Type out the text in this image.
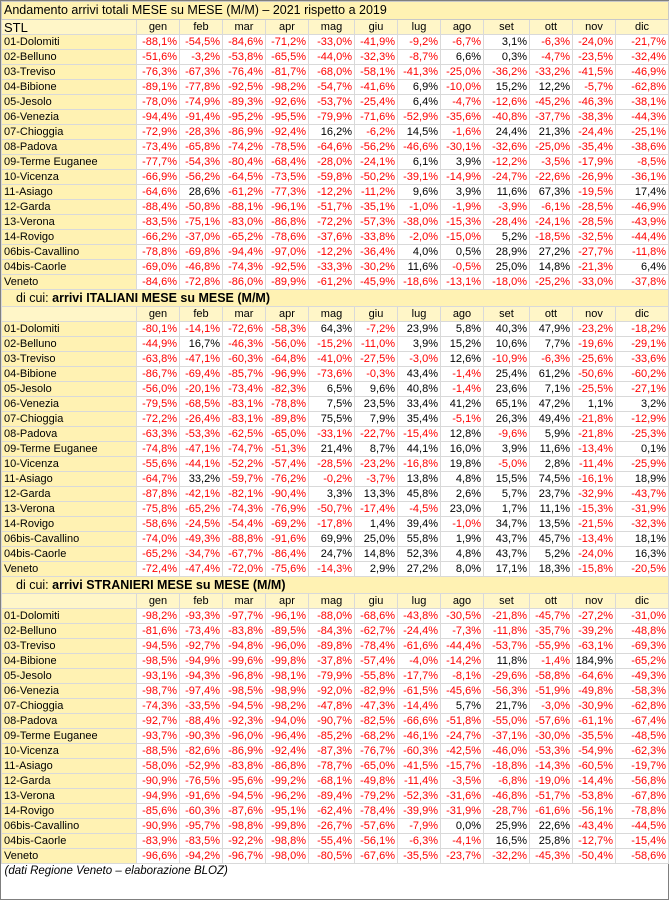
Andamento arrivi totali MESE su MESE (M/M) – 2021 rispetto a 2019												
STL	gen	feb	mar	apr	mag	giu	lug	ago	set	ott	nov	dic
01-Dolomiti	-88,1%	-54,5%	-84,6%	-71,2%	-33,0%	-41,9%	-9,2%	-6,7%	3,1%	-6,3%	-24,0%	-21,7%
02-Belluno	-51,6%	-3,2%	-53,8%	-65,5%	-44,0%	-32,3%	-8,7%	6,6%	0,3%	-4,7%	-23,5%	-32,4%
03-Treviso	-76,3%	-67,3%	-76,4%	-81,7%	-68,0%	-58,1%	-41,3%	-25,0%	-36,2%	-33,2%	-41,5%	-46,9%
04-Bibione	-89,1%	-77,8%	-92,5%	-98,2%	-54,7%	-41,6%	6,9%	-10,0%	15,2%	12,2%	-5,7%	-62,8%
05-Jesolo	-78,0%	-74,9%	-89,3%	-92,6%	-53,7%	-25,4%	6,4%	-4,7%	-12,6%	-45,2%	-46,3%	-38,1%
06-Venezia	-94,4%	-91,4%	-95,2%	-95,5%	-79,9%	-71,6%	-52,9%	-35,6%	-40,8%	-37,7%	-38,3%	-44,3%
07-Chioggia	-72,9%	-28,3%	-86,9%	-92,4%	16,2%	-6,2%	14,5%	-1,6%	24,4%	21,3%	-24,4%	-25,1%
08-Padova	-73,4%	-65,8%	-74,2%	-78,5%	-64,6%	-56,2%	-46,6%	-30,1%	-32,6%	-25,0%	-35,4%	-38,6%
09-Terme Euganee	-77,7%	-54,3%	-80,4%	-68,4%	-28,0%	-24,1%	6,1%	3,9%	-12,2%	-3,5%	-17,9%	-8,5%
10-Vicenza	-66,9%	-56,2%	-64,5%	-73,5%	-59,8%	-50,2%	-39,1%	-14,9%	-24,7%	-22,6%	-26,9%	-36,1%
11-Asiago	-64,6%	28,6%	-61,2%	-77,3%	-12,2%	-11,2%	9,6%	3,9%	11,6%	67,3%	-19,5%	17,4%
12-Garda	-88,4%	-50,8%	-88,1%	-96,1%	-51,7%	-35,1%	-1,0%	-1,9%	-3,9%	-6,1%	-28,5%	-46,9%
13-Verona	-83,5%	-75,1%	-83,0%	-86,8%	-72,2%	-57,3%	-38,0%	-15,3%	-28,4%	-24,1%	-28,5%	-43,9%
14-Rovigo	-66,2%	-37,0%	-65,2%	-78,6%	-37,6%	-33,8%	-2,0%	-15,0%	5,2%	-18,5%	-32,5%	-44,4%
06bis-Cavallino	-78,8%	-69,8%	-94,4%	-97,0%	-12,2%	-36,4%	4,0%	0,5%	28,9%	27,2%	-27,7%	-11,8%
04bis-Caorle	-69,0%	-46,8%	-74,3%	-92,5%	-33,3%	-30,2%	11,6%	-0,5%	25,0%	14,8%	-21,3%	6,4%
Veneto	-84,6%	-72,8%	-86,0%	-89,9%	-61,2%	-45,9%	-18,6%	-13,1%	-18,0%	-25,2%	-33,0%	-37,8%
di cui: arrivi ITALIANI MESE su MESE (M/M)												
	gen	feb	mar	apr	mag	giu	lug	ago	set	ott	nov	dic
01-Dolomiti	-80,1%	-14,1%	-72,6%	-58,3%	64,3%	-7,2%	23,9%	5,8%	40,3%	47,9%	-23,2%	-18,2%
02-Belluno	-44,9%	16,7%	-46,3%	-56,0%	-15,2%	-11,0%	3,9%	15,2%	10,6%	7,7%	-19,6%	-29,1%
03-Treviso	-63,8%	-47,1%	-60,3%	-64,8%	-41,0%	-27,5%	-3,0%	12,6%	-10,9%	-6,3%	-25,6%	-33,6%
04-Bibione	-86,7%	-69,4%	-85,7%	-96,9%	-73,6%	-0,3%	43,4%	-1,4%	25,4%	61,2%	-50,6%	-60,2%
05-Jesolo	-56,0%	-20,1%	-73,4%	-82,3%	6,5%	9,6%	40,8%	-1,4%	23,6%	7,1%	-25,5%	-27,1%
06-Venezia	-79,5%	-68,5%	-83,1%	-78,8%	7,5%	23,5%	33,4%	41,2%	65,1%	47,2%	1,1%	3,2%
07-Chioggia	-72,2%	-26,4%	-83,1%	-89,8%	75,5%	7,9%	35,4%	-5,1%	26,3%	49,4%	-21,8%	-12,9%
08-Padova	-63,3%	-53,3%	-62,5%	-65,0%	-33,1%	-22,7%	-15,4%	12,8%	-9,6%	5,9%	-21,8%	-25,3%
09-Terme Euganee	-74,8%	-47,1%	-74,7%	-51,3%	21,4%	8,7%	44,1%	16,0%	3,9%	11,6%	-13,4%	0,1%
10-Vicenza	-55,6%	-44,1%	-52,2%	-57,4%	-28,5%	-23,2%	-16,8%	19,8%	-5,0%	2,8%	-11,4%	-25,9%
11-Asiago	-64,7%	33,2%	-59,7%	-76,2%	-0,2%	-3,7%	13,8%	4,8%	15,5%	74,5%	-16,1%	18,9%
12-Garda	-87,8%	-42,1%	-82,1%	-90,4%	3,3%	13,3%	45,8%	2,6%	5,7%	23,7%	-32,9%	-43,7%
13-Verona	-75,8%	-65,2%	-74,3%	-76,9%	-50,7%	-17,4%	-4,5%	23,0%	1,7%	11,1%	-15,3%	-31,9%
14-Rovigo	-58,6%	-24,5%	-54,4%	-69,2%	-17,8%	1,4%	39,4%	-1,0%	34,7%	13,5%	-21,5%	-32,3%
06bis-Cavallino	-74,0%	-49,3%	-88,8%	-91,6%	69,9%	25,0%	55,8%	1,9%	43,7%	45,7%	-13,4%	18,1%
04bis-Caorle	-65,2%	-34,7%	-67,7%	-86,4%	24,7%	14,8%	52,3%	4,8%	43,7%	5,2%	-24,0%	16,3%
Veneto	-72,4%	-47,4%	-72,0%	-75,6%	-14,3%	2,9%	27,2%	8,0%	17,1%	18,3%	-15,8%	-20,5%
di cui: arrivi STRANIERI MESE su MESE (M/M)												
	gen	feb	mar	apr	mag	giu	lug	ago	set	ott	nov	dic
01-Dolomiti	-98,2%	-93,3%	-97,7%	-96,1%	-88,0%	-68,6%	-43,8%	-30,5%	-21,8%	-45,7%	-27,2%	-31,0%
02-Belluno	-81,6%	-73,4%	-83,8%	-89,5%	-84,3%	-62,7%	-24,4%	-7,3%	-11,8%	-35,7%	-39,2%	-48,8%
03-Treviso	-94,5%	-92,7%	-94,8%	-96,0%	-89,8%	-78,4%	-61,6%	-44,4%	-53,7%	-55,9%	-63,1%	-69,3%
04-Bibione	-98,5%	-94,9%	-99,6%	-99,8%	-37,8%	-57,4%	-4,0%	-14,2%	11,8%	-1,4%	184,9%	-65,2%
05-Jesolo	-93,1%	-94,3%	-96,8%	-98,1%	-79,9%	-55,8%	-17,7%	-8,1%	-29,6%	-58,8%	-64,6%	-49,3%
06-Venezia	-98,7%	-97,4%	-98,5%	-98,9%	-92,0%	-82,9%	-61,5%	-45,6%	-56,3%	-51,9%	-49,8%	-58,3%
07-Chioggia	-74,3%	-33,5%	-94,5%	-98,2%	-47,8%	-47,3%	-14,4%	5,7%	21,7%	-3,0%	-30,9%	-62,8%
08-Padova	-92,7%	-88,4%	-92,3%	-94,0%	-90,7%	-82,5%	-66,6%	-51,8%	-55,0%	-57,6%	-61,1%	-67,4%
09-Terme Euganee	-93,7%	-90,3%	-96,0%	-96,4%	-85,2%	-68,2%	-46,1%	-24,7%	-37,1%	-30,0%	-35,5%	-48,5%
10-Vicenza	-88,5%	-82,6%	-86,9%	-92,4%	-87,3%	-76,7%	-60,3%	-42,5%	-46,0%	-53,3%	-54,9%	-62,3%
11-Asiago	-58,0%	-52,9%	-83,8%	-86,8%	-78,7%	-65,0%	-41,5%	-15,7%	-18,8%	-14,3%	-60,5%	-19,7%
12-Garda	-90,9%	-76,5%	-95,6%	-99,2%	-68,1%	-49,8%	-11,4%	-3,5%	-6,8%	-19,0%	-14,4%	-56,8%
13-Verona	-94,9%	-91,6%	-94,5%	-96,2%	-89,4%	-79,2%	-52,3%	-31,6%	-46,8%	-51,7%	-53,8%	-67,8%
14-Rovigo	-85,6%	-60,3%	-87,6%	-95,1%	-62,4%	-78,4%	-39,9%	-31,9%	-28,7%	-61,6%	-56,1%	-78,8%
06bis-Cavallino	-90,9%	-95,7%	-98,8%	-99,8%	-26,7%	-57,6%	-7,9%	0,0%	25,9%	22,6%	-43,4%	-44,5%
04bis-Caorle	-83,9%	-83,5%	-92,2%	-98,8%	-55,4%	-56,1%	-6,3%	-4,1%	16,5%	25,8%	-12,7%	-15,4%
Veneto	-96,6%	-94,2%	-96,7%	-98,0%	-80,5%	-67,6%	-35,5%	-23,7%	-32,2%	-45,3%	-50,4%	-58,6%
(dati Regione Veneto – elaborazione BLOZ)												
